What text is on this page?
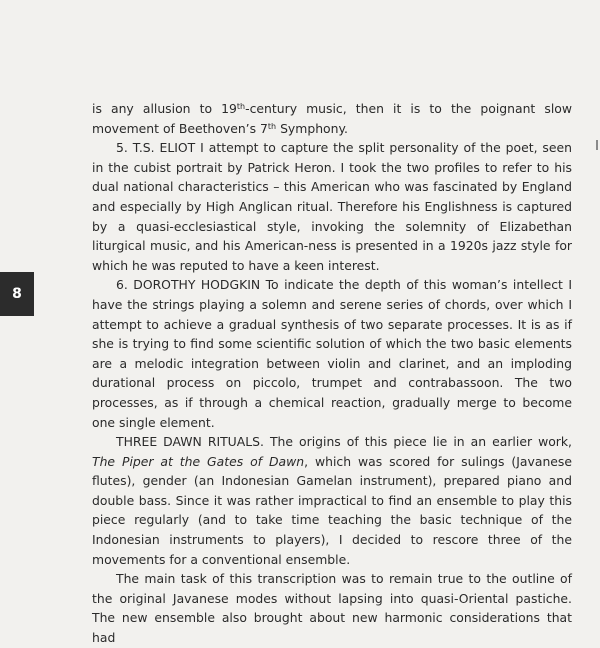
8

is any allusion to 19th-century music, then it is to the poignant slow movement of Beethoven’s 7th Symphony.

5. T.S. ELIOT I attempt to capture the split personality of the poet, seen in the cubist portrait by Patrick Heron. I took the two profiles to refer to his dual national characteristics – this American who was fascinated by England and especially by High Anglican ritual. Therefore his Englishness is captured by a quasi-ecclesiastical style, invoking the solemnity of Elizabethan liturgical music, and his American-ness is presented in a 1920s jazz style for which he was reputed to have a keen interest.

6. DOROTHY HODGKIN To indicate the depth of this woman’s intellect I have the strings playing a solemn and serene series of chords, over which I attempt to achieve a gradual synthesis of two separate processes. It is as if she is trying to find some scientific solution of which the two basic elements are a melodic integration between violin and clarinet, and an imploding durational process on piccolo, trumpet and contrabassoon. The two processes, as if through a chemical reaction, gradually merge to become one single element.

THREE DAWN RITUALS. The origins of this piece lie in an earlier work, The Piper at the Gates of Dawn, which was scored for sulings (Javanese flutes), gender (an Indonesian Gamelan instrument), prepared piano and double bass. Since it was rather impractical to find an ensemble to play this piece regularly (and to take time teaching the basic technique of the Indonesian instruments to players), I decided to rescore three of the movements for a conventional ensemble.

The main task of this transcription was to remain true to the outline of the original Javanese modes without lapsing into quasi-Oriental pastiche. The new ensemble also brought about new harmonic considerations that had
